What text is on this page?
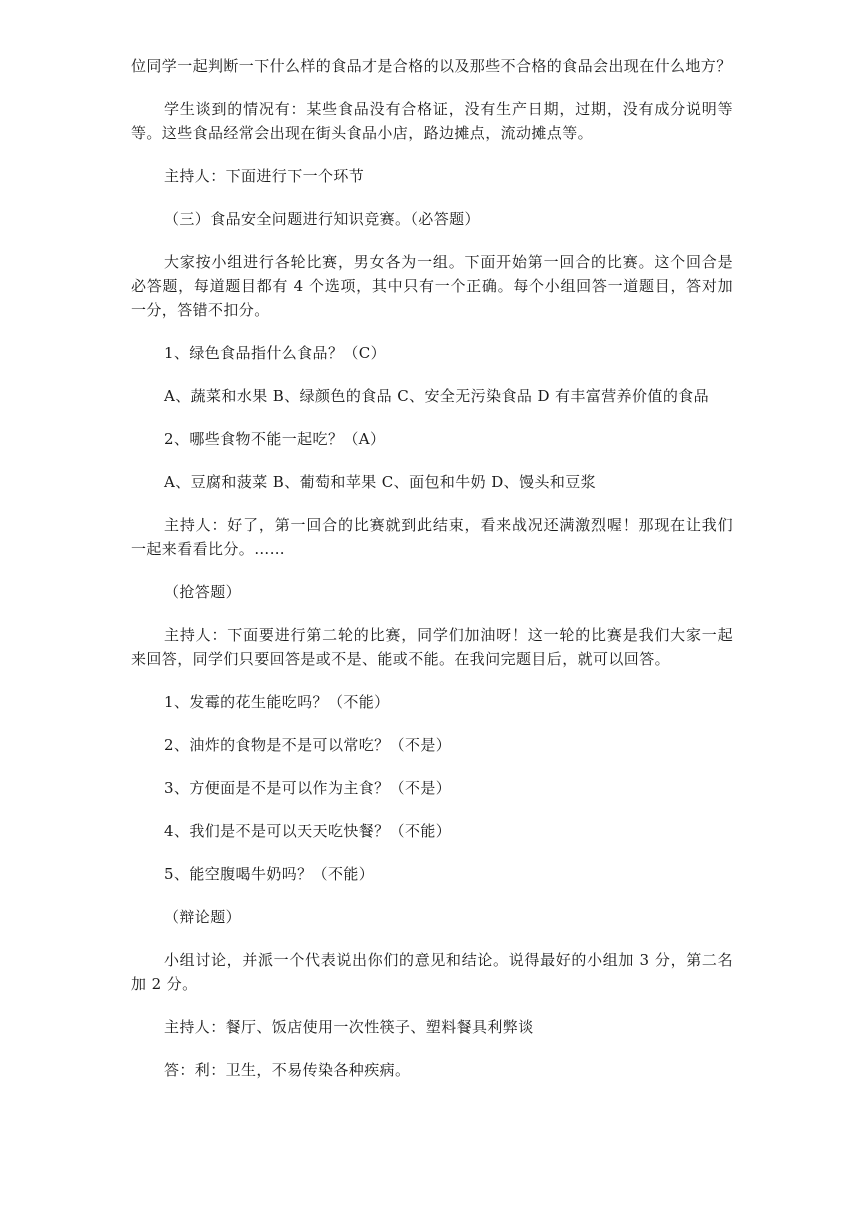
位同学一起判断一下什么样的食品才是合格的以及那些不合格的食品会出现在什么地方？

学生谈到的情况有：某些食品没有合格证，没有生产日期，过期，没有成分说明等等。这些食品经常会出现在街头食品小店，路边摊点，流动摊点等。

主持人：下面进行下一个环节

（三）食品安全问题进行知识竞赛。（必答题）

大家按小组进行各轮比赛，男女各为一组。下面开始第一回合的比赛。这个回合是必答题，每道题目都有 4 个选项，其中只有一个正确。每个小组回答一道题目，答对加一分，答错不扣分。

1、绿色食品指什么食品？（C）

A、蔬菜和水果 B、绿颜色的食品 C、安全无污染食品 D 有丰富营养价值的食品

2、哪些食物不能一起吃？（A）

A、豆腐和菠菜 B、葡萄和苹果 C、面包和牛奶 D、馒头和豆浆

主持人：好了，第一回合的比赛就到此结束，看来战况还满激烈喔！那现在让我们一起来看看比分。……

（抢答题）

主持人：下面要进行第二轮的比赛，同学们加油呀！这一轮的比赛是我们大家一起来回答，同学们只要回答是或不是、能或不能。在我问完题目后，就可以回答。

1、发霉的花生能吃吗？（不能）

2、油炸的食物是不是可以常吃？（不是）

3、方便面是不是可以作为主食？（不是）

4、我们是不是可以天天吃快餐？（不能）

5、能空腹喝牛奶吗？（不能）

（辩论题）

小组讨论，并派一个代表说出你们的意见和结论。说得最好的小组加 3 分，第二名加 2 分。

主持人：餐厅、饭店使用一次性筷子、塑料餐具利弊谈

答：利：卫生，不易传染各种疾病。
